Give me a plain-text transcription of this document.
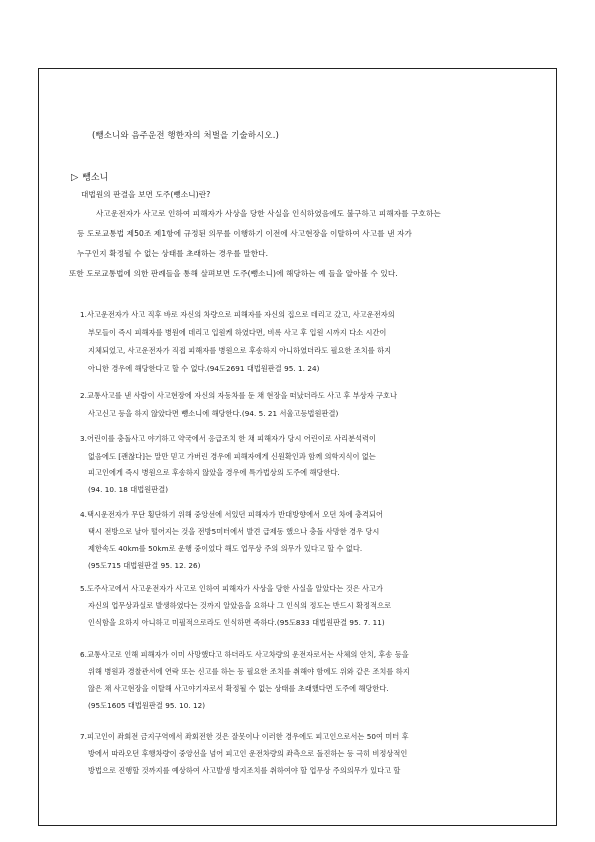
(뺑소니와 음주운전 행한자의 처벌을 기술하시오.)
▷ 뺑소니
대법원의 판결을 보면 도주(뺑소니)란?
사고운전자가 사고로 인하여 피해자가 사상을 당한 사실을 인식하였음에도 불구하고 피해자를 구호하는
등 도로교통법 제50조 제1항에 규정된 의무를 이행하기 이전에 사고현장을 이탈하여 사고를 낸 자가
누구인지 확정될 수 없는 상태를 초래하는 경우를 말한다.
또한 도로교통법에 의한 판례들을 통해 살펴보면 도주(뺑소니)에 해당하는 예 들을 알아볼 수 있다.
1.사고운전자가 사고 직후 바로 자신의 차량으로 피해자를 자신의 집으로 데리고 갔고, 사고운전자의
부모들이 즉시 피해자를 병원에 데리고 입원케 하였다면, 비록 사고 후 입원 시까지 다소 시간이
지체되었고, 사고운전자가 직접 피해자를 병원으로 후송하지 아니하였더라도 필요한 조치를 하지
아니한 경우에 해당한다고 할 수 없다.(94도2691 대법원판결 95. 1. 24)
2.교통사고를 낸 사람이 사고현장에 자신의 자동차를 둔 채 현장을 떠났더라도 사고 후 부상자 구호나
사고신고 등을 하지 않았다면 뺑소니에 해당한다.(94. 5. 21 서울고등법원판결)
3.어린이를 충돌사고 야기하고 약국에서 응급조치 한 채 피해자가 당시 어린이로 사리분석력이
없음에도 [괜찮다]는 말만 믿고 가버린 경우에 피해자에게 신원확인과 함께 의학지식이 없는
피고인에게 즉시 병원으로 후송하지 않았을 경우에 특가법상의 도주에 해당한다.
(94. 10. 18 대법원판결)
4.택시운전자가 무단 횡단하기 위해 중앙선에 서있던 피해자가 반대방향에서 오던 차에 충격되어
택시 전방으로 날아 떨어지는 것을 전방5미터에서 발견 급제동 했으나 충돌 사망한 경우 당시
제한속도 40km를 50km로 운행 중이었다 해도 업무상 주의 의무가 있다고 할 수 없다.
(95도715 대법원판결 95. 12. 26)
5.도주사고에서 사고운전자가 사고로 인하여 피해자가 사상을 당한 사실을 알았다는 것은 사고가
자신의 업무상과실로 발생하였다는 것까지 알았음을 요하나 그 인식의 정도는 반드시 확정적으로
인식함을 요하지 아니하고 미필적으로라도 인식하면 족하다.(95도833 대법원판결 95. 7. 11)
6.교통사고로 인해 피해자가 이미 사망했다고 하더라도 사고차량의 운전자로서는 사체의 안치, 후송 등을
위해 병원과 경찰관서에 연락 또는 신고를 하는 등 필요한 조치를 취해야 함에도 위와 같은 조치를 하지
않은 채 사고현장을 이탈해 사고야기자로서 확정될 수 없는 상태를 초래했다면 도주에 해당한다.
(95도1605 대법원판결 95. 10. 12)
7.피고인이 좌회전 금지구역에서 좌회전한 것은 잘못이나 이러한 경우에도 피고인으로서는 50여 미터 후
방에서 따라오던 후행차량이 중앙선을 넘어 피고인 운전차량의 좌측으로 돌진하는 등 극히 비정상적인
방법으로 진행할 것까지를 예상하여 사고발생 방지조치를 취하여야 할 업무상 주의의무가 있다고 할
